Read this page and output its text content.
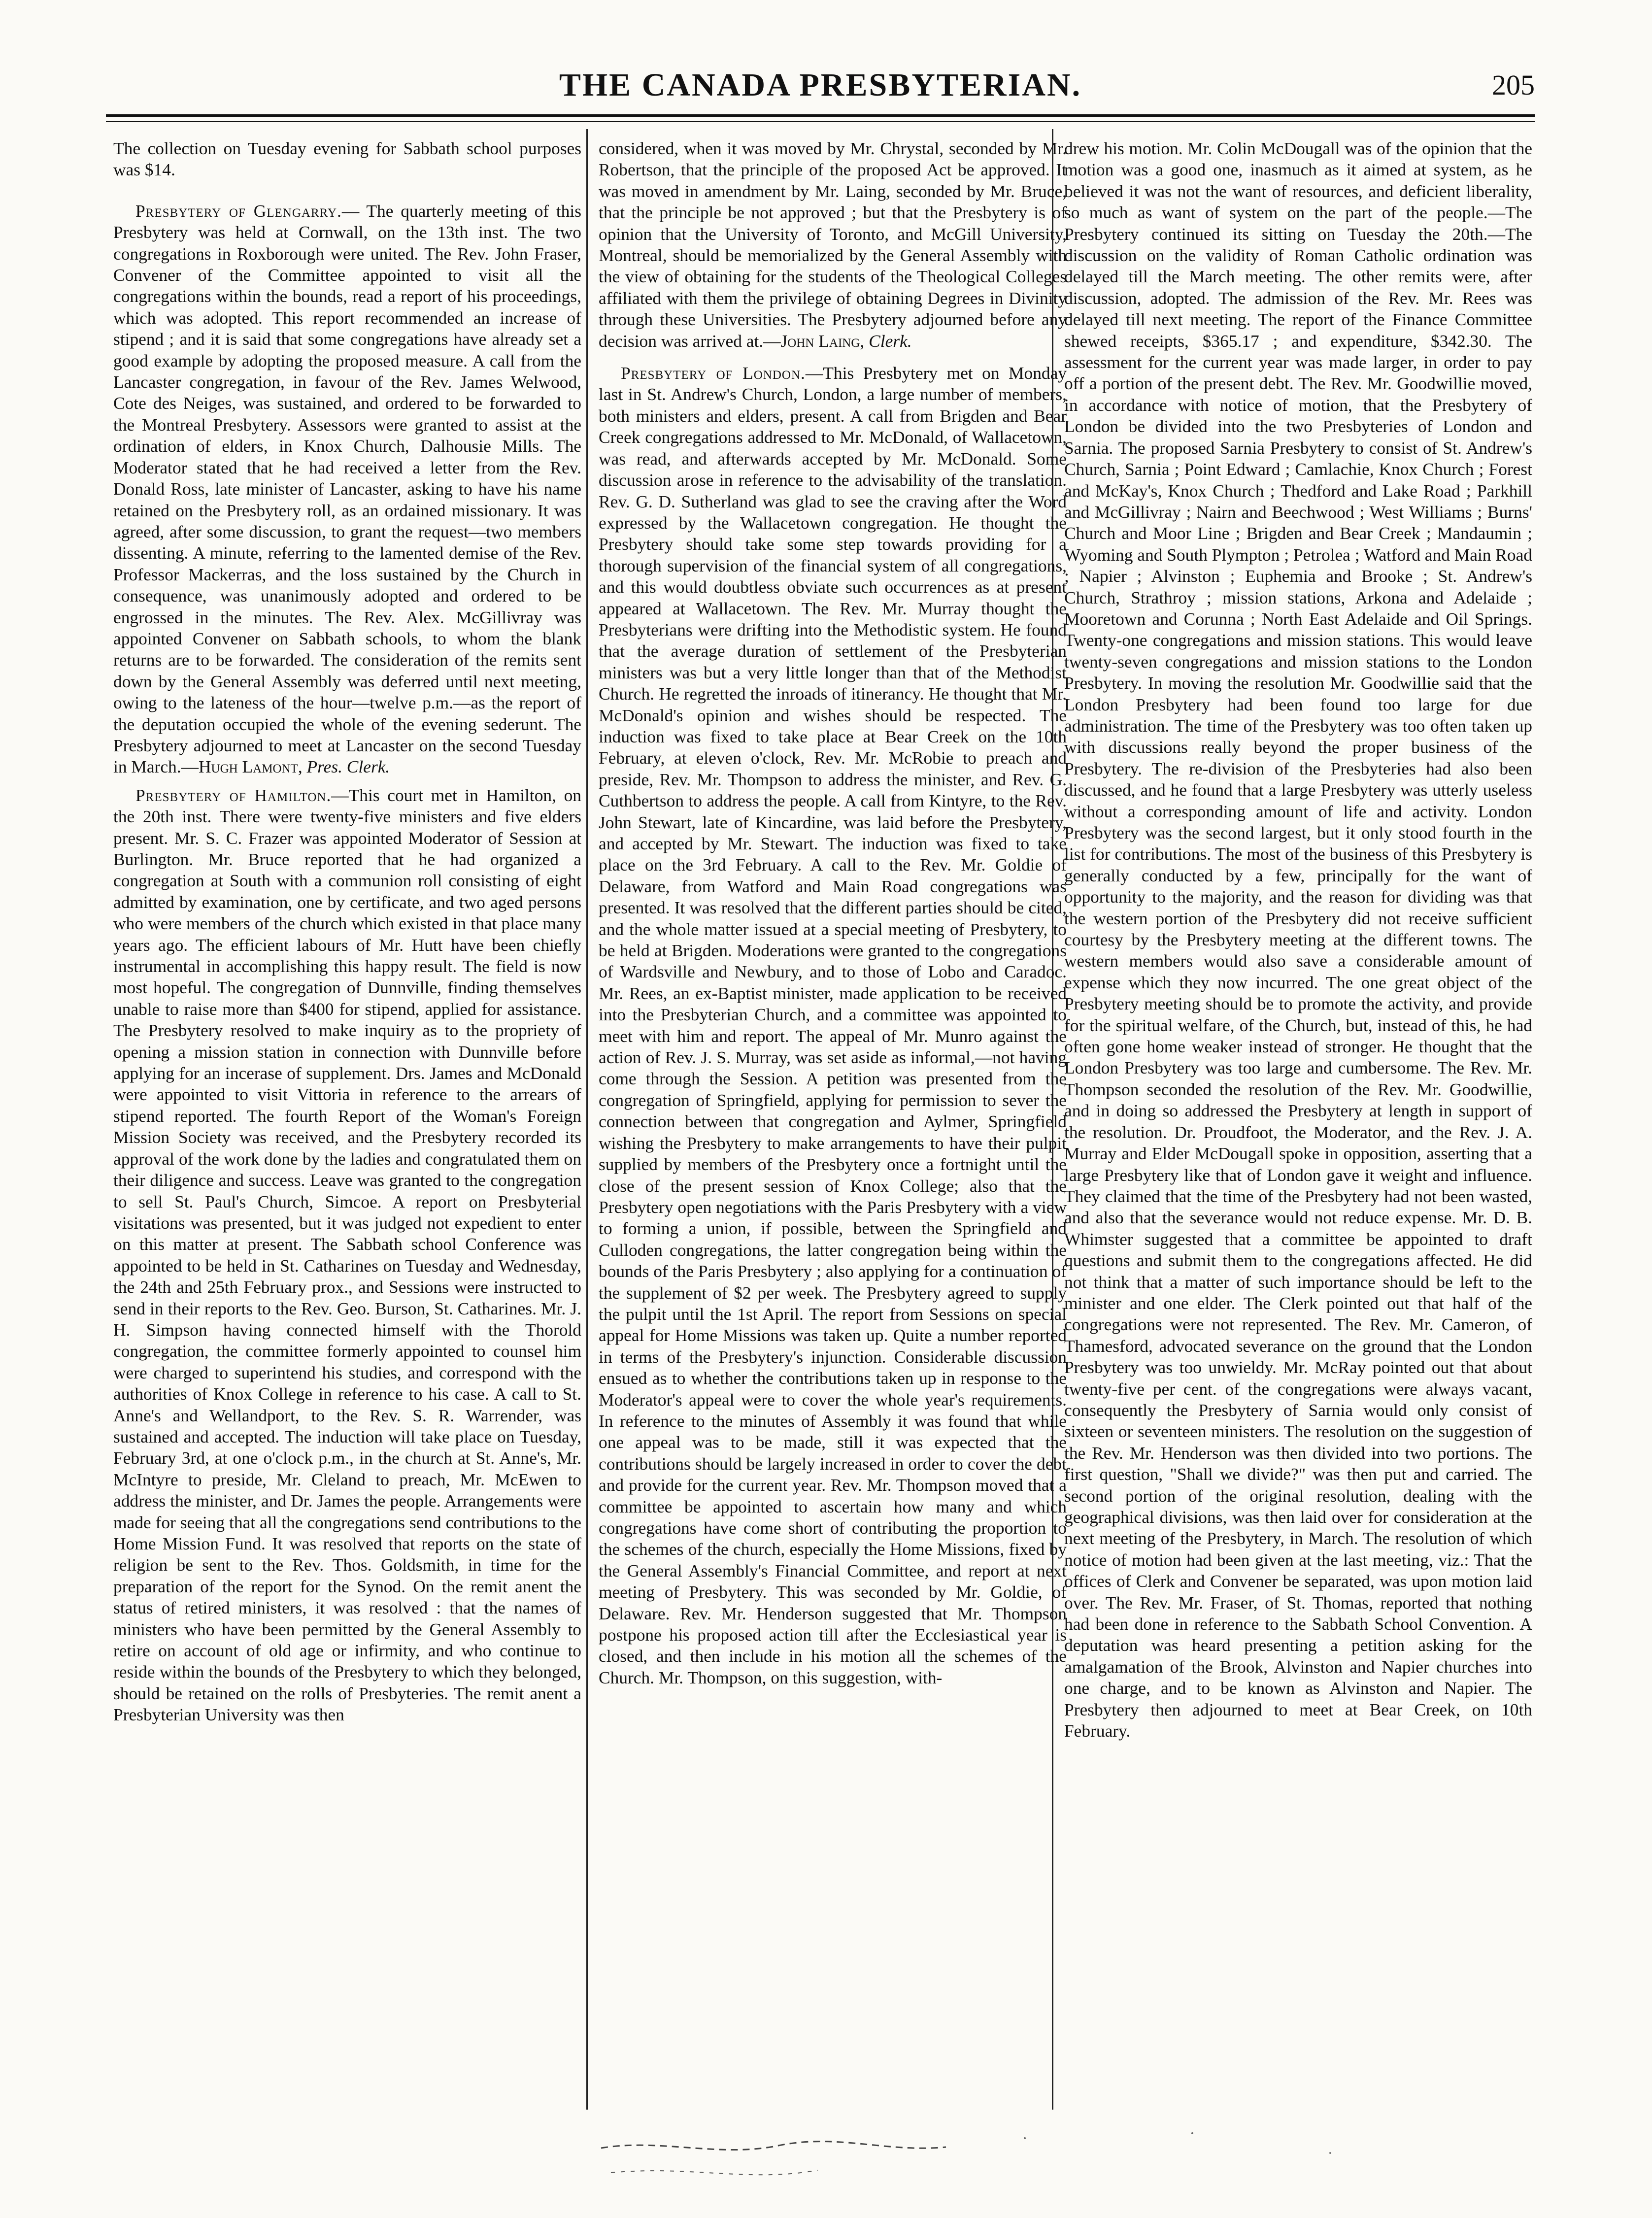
THE CANADA PRESBYTERIAN.	205

The collection on Tuesday evening for Sabbath school purposes was $14.

Presbytery of Glengarry.— The quarterly meeting of this Presbytery was held at Cornwall, on the 13th inst. The two congregations in Roxborough were united. The Rev. John Fraser, Convener of the Committee appointed to visit all the congregations within the bounds, read a report of his proceedings, which was adopted. This report recommended an increase of stipend ; and it is said that some congregations have already set a good example by adopting the proposed measure. A call from the Lancaster congregation, in favour of the Rev. James Welwood, Cote des Neiges, was sustained, and ordered to be forwarded to the Montreal Presbytery. Assessors were granted to assist at the ordination of elders, in Knox Church, Dalhousie Mills. The Moderator stated that he had received a letter from the Rev. Donald Ross, late minister of Lancaster, asking to have his name retained on the Presbytery roll, as an ordained missionary. It was agreed, after some discussion, to grant the request—two members dissenting. A minute, referring to the lamented demise of the Rev. Professor Mackerras, and the loss sustained by the Church in consequence, was unanimously adopted and ordered to be engrossed in the minutes. The Rev. Alex. McGillivray was appointed Convener on Sabbath schools, to whom the blank returns are to be forwarded. The consideration of the remits sent down by the General Assembly was deferred until next meeting, owing to the lateness of the hour—twelve p.m.—as the report of the deputation occupied the whole of the evening sederunt. The Presbytery adjourned to meet at Lancaster on the second Tuesday in March.—Hugh Lamont, Pres. Clerk.

Presbytery of Hamilton.—This court met in Hamilton, on the 20th inst. There were twenty-five ministers and five elders present. Mr. S. C. Frazer was appointed Moderator of Session at Burlington. Mr. Bruce reported that he had organized a congregation at South with a communion roll consisting of eight admitted by examination, one by certificate, and two aged persons who were members of the church which existed in that place many years ago. The efficient labours of Mr. Hutt have been chiefly instrumental in accomplishing this happy result. The field is now most hopeful. The congregation of Dunnville, finding themselves unable to raise more than $400 for stipend, applied for assistance. The Presbytery resolved to make inquiry as to the propriety of opening a mission station in connection with Dunnville before applying for an incerase of supplement. Drs. James and McDonald were appointed to visit Vittoria in reference to the arrears of stipend reported. The fourth Report of the Woman's Foreign Mission Society was received, and the Presbytery recorded its approval of the work done by the ladies and congratulated them on their diligence and success. Leave was granted to the congregation to sell St. Paul's Church, Simcoe. A report on Presbyterial visitations was presented, but it was judged not expedient to enter on this matter at present. The Sabbath school Conference was appointed to be held in St. Catharines on Tuesday and Wednesday, the 24th and 25th February prox., and Sessions were instructed to send in their reports to the Rev. Geo. Burson, St. Catharines. Mr. J. H. Simpson having connected himself with the Thorold congregation, the committee formerly appointed to counsel him were charged to superintend his studies, and correspond with the authorities of Knox College in reference to his case. A call to St. Anne's and Wellandport, to the Rev. S. R. Warrender, was sustained and accepted. The induction will take place on Tuesday, February 3rd, at one o'clock p.m., in the church at St. Anne's, Mr. McIntyre to preside, Mr. Cleland to preach, Mr. McEwen to address the minister, and Dr. James the people. Arrangements were made for seeing that all the congregations send contributions to the Home Mission Fund. It was resolved that reports on the state of religion be sent to the Rev. Thos. Goldsmith, in time for the preparation of the report for the Synod. On the remit anent the status of retired ministers, it was resolved : that the names of ministers who have been permitted by the General Assembly to retire on account of old age or infirmity, and who continue to reside within the bounds of the Presbytery to which they belonged, should be retained on the rolls of Presbyteries. The remit anent a Presbyterian University was then

considered, when it was moved by Mr. Chrystal, seconded by Mr. Robertson, that the principle of the proposed Act be approved. It was moved in amendment by Mr. Laing, seconded by Mr. Bruce, that the principle be not approved ; but that the Presbytery is of opinion that the University of Toronto, and McGill University, Montreal, should be memorialized by the General Assembly with the view of obtaining for the students of the Theological Colleges affiliated with them the privilege of obtaining Degrees in Divinity through these Universities. The Presbytery adjourned before any decision was arrived at.—John Laing, Clerk.

Presbytery of London.—This Presbytery met on Monday last in St. Andrew's Church, London, a large number of members, both ministers and elders, present. A call from Brigden and Bear Creek congregations addressed to Mr. McDonald, of Wallacetown, was read, and afterwards accepted by Mr. McDonald. Some discussion arose in reference to the advisability of the translation. Rev. G. D. Sutherland was glad to see the craving after the Word expressed by the Wallacetown congregation. He thought the Presbytery should take some step towards providing for a thorough supervision of the financial system of all congregations, and this would doubtless obviate such occurrences as at present appeared at Wallacetown. The Rev. Mr. Murray thought the Presbyterians were drifting into the Methodistic system. He found that the average duration of settlement of the Presbyterian ministers was but a very little longer than that of the Methodist Church. He regretted the inroads of itinerancy. He thought that Mr. McDonald's opinion and wishes should be respected. The induction was fixed to take place at Bear Creek on the 10th February, at eleven o'clock, Rev. Mr. McRobie to preach and preside, Rev. Mr. Thompson to address the minister, and Rev. G. Cuthbertson to address the people. A call from Kintyre, to the Rev. John Stewart, late of Kincardine, was laid before the Presbytery, and accepted by Mr. Stewart. The induction was fixed to take place on the 3rd February. A call to the Rev. Mr. Goldie of Delaware, from Watford and Main Road congregations was presented. It was resolved that the different parties should be cited, and the whole matter issued at a special meeting of Presbytery, to be held at Brigden. Moderations were granted to the congregations of Wardsville and Newbury, and to those of Lobo and Caradoc. Mr. Rees, an ex-Baptist minister, made application to be received into the Presbyterian Church, and a committee was appointed to meet with him and report. The appeal of Mr. Munro against the action of Rev. J. S. Murray, was set aside as informal,—not having come through the Session. A petition was presented from the congregation of Springfield, applying for permission to sever the connection between that congregation and Aylmer, Springfield wishing the Presbytery to make arrangements to have their pulpit supplied by members of the Presbytery once a fortnight until the close of the present session of Knox College; also that the Presbytery open negotiations with the Paris Presbytery with a view to forming a union, if possible, between the Springfield and Culloden congregations, the latter congregation being within the bounds of the Paris Presbytery ; also applying for a continuation of the supplement of $2 per week. The Presbytery agreed to supply the pulpit until the 1st April. The report from Sessions on special appeal for Home Missions was taken up. Quite a number reported in terms of the Presbytery's injunction. Considerable discussion ensued as to whether the contributions taken up in response to the Moderator's appeal were to cover the whole year's requirements. In reference to the minutes of Assembly it was found that while one appeal was to be made, still it was expected that the contributions should be largely increased in order to cover the debt and provide for the current year. Rev. Mr. Thompson moved that a committee be appointed to ascertain how many and which congregations have come short of contributing the proportion to the schemes of the church, especially the Home Missions, fixed by the General Assembly's Financial Committee, and report at next meeting of Presbytery. This was seconded by Mr. Goldie, of Delaware. Rev. Mr. Henderson suggested that Mr. Thompson postpone his proposed action till after the Ecclesiastical year is closed, and then include in his motion all the schemes of the Church. Mr. Thompson, on this suggestion, with-

drew his motion. Mr. Colin McDougall was of the opinion that the motion was a good one, inasmuch as it aimed at system, as he believed it was not the want of resources, and deficient liberality, so much as want of system on the part of the people.—The Presbytery continued its sitting on Tuesday the 20th.—The discussion on the validity of Roman Catholic ordination was delayed till the March meeting. The other remits were, after discussion, adopted. The admission of the Rev. Mr. Rees was delayed till next meeting. The report of the Finance Committee shewed receipts, $365.17 ; and expenditure, $342.30. The assessment for the current year was made larger, in order to pay off a portion of the present debt. The Rev. Mr. Goodwillie moved, in accordance with notice of motion, that the Presbytery of London be divided into the two Presbyteries of London and Sarnia. The proposed Sarnia Presbytery to consist of St. Andrew's Church, Sarnia ; Point Edward ; Camlachie, Knox Church ; Forest and McKay's, Knox Church ; Thedford and Lake Road ; Parkhill and McGillivray ; Nairn and Beechwood ; West Williams ; Burns' Church and Moor Line ; Brigden and Bear Creek ; Mandaumin ; Wyoming and South Plympton ; Petrolea ; Watford and Main Road ; Napier ; Alvinston ; Euphemia and Brooke ; St. Andrew's Church, Strathroy ; mission stations, Arkona and Adelaide ; Mooretown and Corunna ; North East Adelaide and Oil Springs. Twenty-one congregations and mission stations. This would leave twenty-seven congregations and mission stations to the London Presbytery. In moving the resolution Mr. Goodwillie said that the London Presbytery had been found too large for due administration. The time of the Presbytery was too often taken up with discussions really beyond the proper business of the Presbytery. The re-division of the Presbyteries had also been discussed, and he found that a large Presbytery was utterly useless without a corresponding amount of life and activity. London Presbytery was the second largest, but it only stood fourth in the list for contributions. The most of the business of this Presbytery is generally conducted by a few, principally for the want of opportunity to the majority, and the reason for dividing was that the western portion of the Presbytery did not receive sufficient courtesy by the Presbytery meeting at the different towns. The western members would also save a considerable amount of expense which they now incurred. The one great object of the Presbytery meeting should be to promote the activity, and provide for the spiritual welfare, of the Church, but, instead of this, he had often gone home weaker instead of stronger. He thought that the London Presbytery was too large and cumbersome. The Rev. Mr. Thompson seconded the resolution of the Rev. Mr. Goodwillie, and in doing so addressed the Presbytery at length in support of the resolution. Dr. Proudfoot, the Moderator, and the Rev. J. A. Murray and Elder McDougall spoke in opposition, asserting that a large Presbytery like that of London gave it weight and influence. They claimed that the time of the Presbytery had not been wasted, and also that the severance would not reduce expense. Mr. D. B. Whimster suggested that a committee be appointed to draft questions and submit them to the congregations affected. He did not think that a matter of such importance should be left to the minister and one elder. The Clerk pointed out that half of the congregations were not represented. The Rev. Mr. Cameron, of Thamesford, advocated severance on the ground that the London Presbytery was too unwieldy. Mr. McRay pointed out that about twenty-five per cent. of the congregations were always vacant, consequently the Presbytery of Sarnia would only consist of sixteen or seventeen ministers. The resolution on the suggestion of the Rev. Mr. Henderson was then divided into two portions. The first question, "Shall we divide?" was then put and carried. The second portion of the original resolution, dealing with the geographical divisions, was then laid over for consideration at the next meeting of the Presbytery, in March. The resolution of which notice of motion had been given at the last meeting, viz.: That the offices of Clerk and Convener be separated, was upon motion laid over. The Rev. Mr. Fraser, of St. Thomas, reported that nothing had been done in reference to the Sabbath School Convention. A deputation was heard presenting a petition asking for the amalgamation of the Brook, Alvinston and Napier churches into one charge, and to be known as Alvinston and Napier. The Presbytery then adjourned to meet at Bear Creek, on 10th February.
